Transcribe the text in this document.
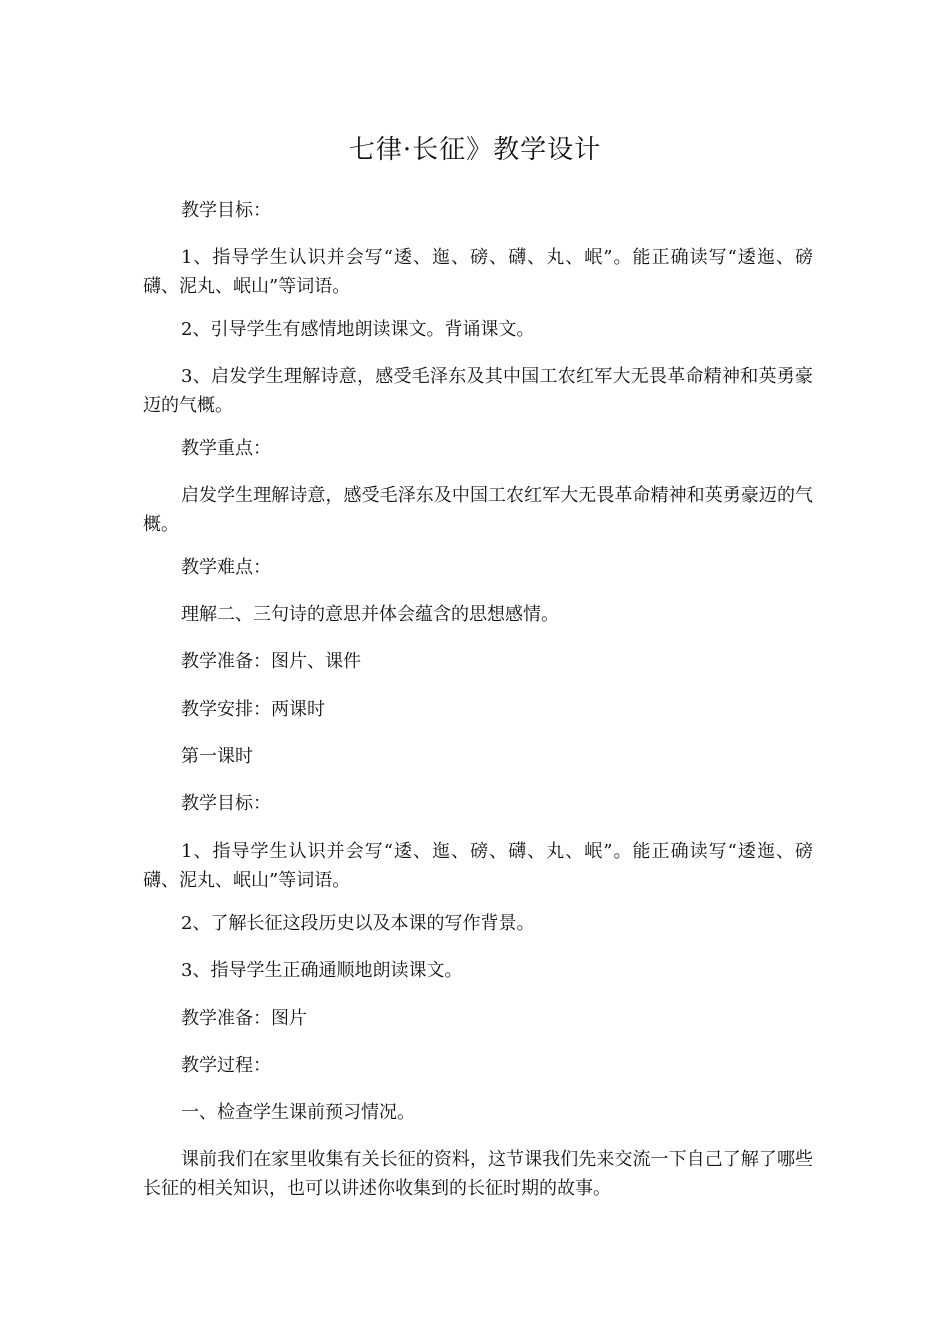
七律·长征》教学设计

教学目标：

1、指导学生认识并会写“逶、迤、磅、礴、丸、岷”。能正确读写“逶迤、磅礴、泥丸、岷山”等词语。

2、引导学生有感情地朗读课文。背诵课文。

3、启发学生理解诗意，感受毛泽东及其中国工农红军大无畏革命精神和英勇豪迈的气概。

教学重点：

启发学生理解诗意，感受毛泽东及中国工农红军大无畏革命精神和英勇豪迈的气概。

教学难点：

理解二、三句诗的意思并体会蕴含的思想感情。

教学准备：图片、课件

教学安排：两课时

第一课时

教学目标：

1、指导学生认识并会写“逶、迤、磅、礴、丸、岷”。能正确读写“逶迤、磅礴、泥丸、岷山”等词语。

2、了解长征这段历史以及本课的写作背景。

3、指导学生正确通顺地朗读课文。

教学准备：图片

教学过程：

一、检查学生课前预习情况。

课前我们在家里收集有关长征的资料，这节课我们先来交流一下自己了解了哪些长征的相关知识，也可以讲述你收集到的长征时期的故事。
